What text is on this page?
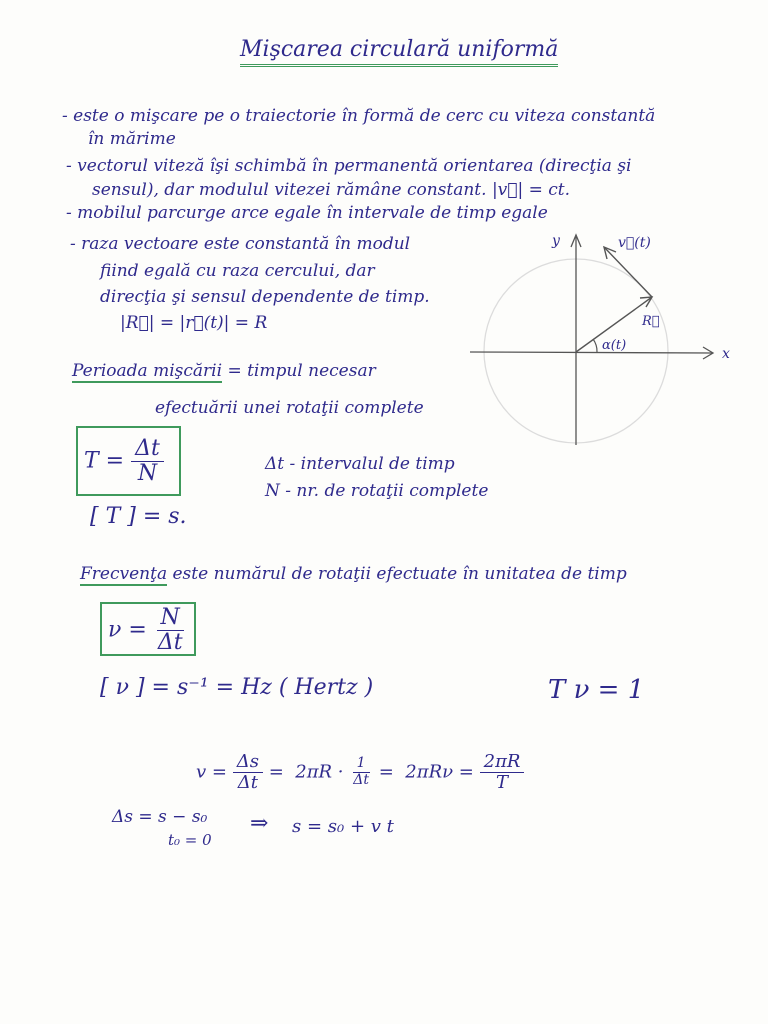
Mişcarea circulară uniformă
- este o mişcare pe o traiectorie în formă de cerc cu viteza constantă
în mărime
- vectorul viteză îşi schimbă în permanentă orientarea (direcţia şi
sensul), dar modulul vitezei rămâne constant. |v⃗| = ct.
- mobilul parcurge arce egale în intervale de timp egale
- raza vectoare este constantă în modul
fiind egală cu raza cercului, dar
direcţia şi sensul dependente de timp.
|R⃗| = |r⃗(t)| = R
y
x
v⃗(t)
R⃗
α(t)
Perioada mişcării = timpul necesar
efectuării unei rotaţii complete
$T = \frac{\Delta t}{N}$	Δt - intervalul de timp
N - nr. de rotaţii complete
[ T ] = s.
Frecvenţa este numărul de rotaţii efectuate în unitatea de timp
$\nu = \frac{N}{\Delta t}$
[ ν ] = s⁻¹ = Hz ( Hertz )	T ν = 1
$v = \frac{\Delta s}{\Delta t} = 2\pi R \cdot \frac{1}{\Delta t} = 2\pi R\nu = \frac{2\pi R}{T}$
Δs = s − s₀
t₀ = 0
⇒ s = s₀ + v t
